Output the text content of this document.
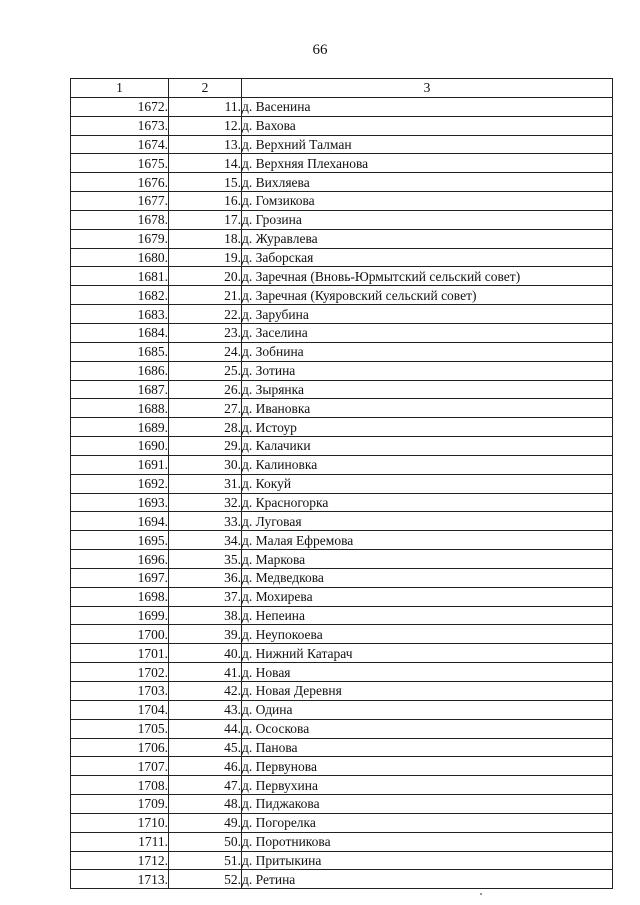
66
1	2	3
1672.	11.	д. Васенина
1673.	12.	д. Вахова
1674.	13.	д. Верхний Талман
1675.	14.	д. Верхняя Плеханова
1676.	15.	д. Вихляева
1677.	16.	д. Гомзикова
1678.	17.	д. Грозина
1679.	18.	д. Журавлева
1680.	19.	д. Заборская
1681.	20.	д. Заречная (Вновь-Юрмытский сельский совет)
1682.	21.	д. Заречная (Куяровский сельский совет)
1683.	22.	д. Зарубина
1684.	23.	д. Заселина
1685.	24.	д. Зобнина
1686.	25.	д. Зотина
1687.	26.	д. Зырянка
1688.	27.	д. Ивановка
1689.	28.	д. Истоур
1690.	29.	д. Калачики
1691.	30.	д. Калиновка
1692.	31.	д. Кокуй
1693.	32.	д. Красногорка
1694.	33.	д. Луговая
1695.	34.	д. Малая Ефремова
1696.	35.	д. Маркова
1697.	36.	д. Медведкова
1698.	37.	д. Мохирева
1699.	38.	д. Непеина
1700.	39.	д. Неупокоева
1701.	40.	д. Нижний Катарач
1702.	41.	д. Новая
1703.	42.	д. Новая Деревня
1704.	43.	д. Одина
1705.	44.	д. Ососкова
1706.	45.	д. Панова
1707.	46.	д. Первунова
1708.	47.	д. Первухина
1709.	48.	д. Пиджакова
1710.	49.	д. Погорелка
1711.	50.	д. Поротникова
1712.	51.	д. Притыкина
1713.	52.	д. Ретина
